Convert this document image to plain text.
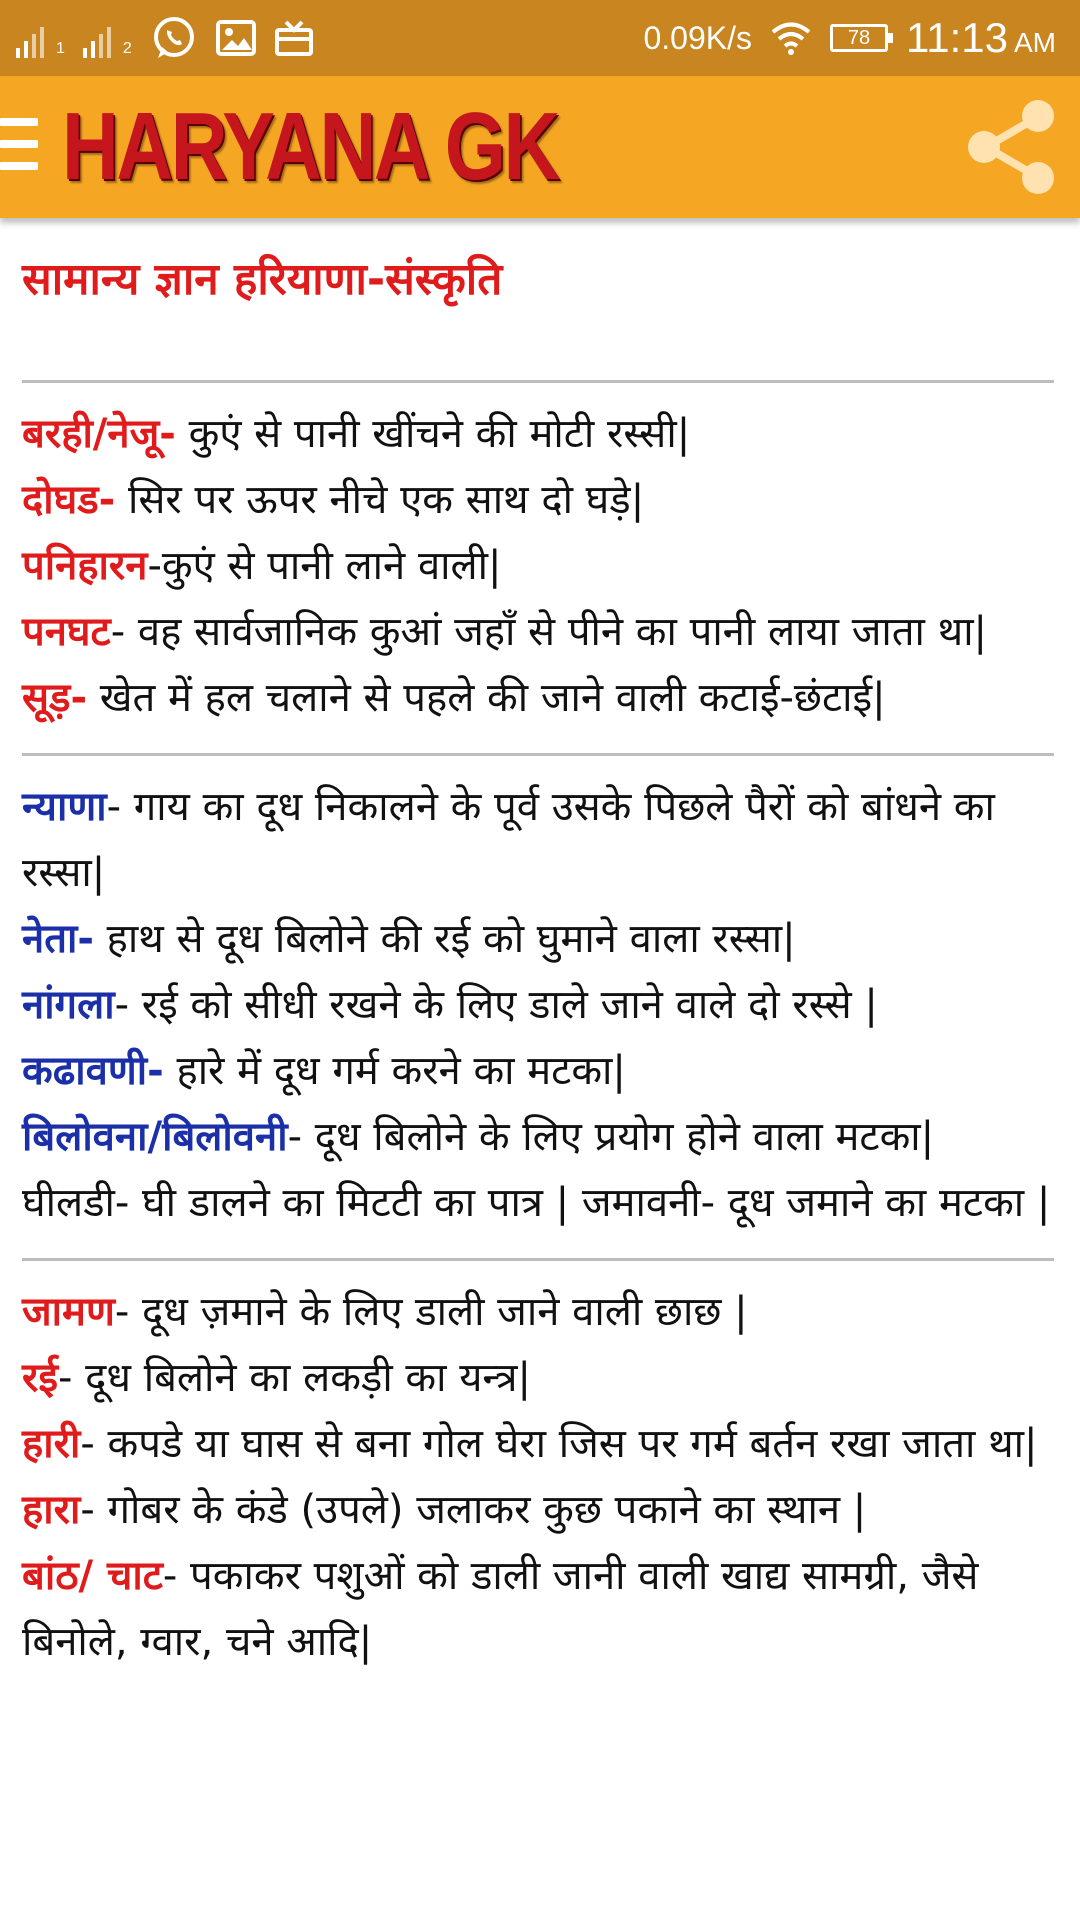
1	2	0.09K/s	78 11:13 AM
HARYANA GK
सामान्य ज्ञान हरियाणा-संस्कृति

बरही/नेजू- कुएं से पानी खींचने की मोटी रस्सी|

दोघड- सिर पर ऊपर नीचे एक साथ दो घड़े|

पनिहारन-कुएं से पानी लाने वाली|

पनघट- वह सार्वजानिक कुआं जहाँ से पीने का पानी लाया जाता था|

सूड़- खेत में हल चलाने से पहले की जाने वाली कटाई-छंटाई|

न्याणा- गाय का दूध निकालने के पूर्व उसके पिछले पैरों को बांधने का रस्सा|

नेता- हाथ से दूध बिलोने की रई को घुमाने वाला रस्सा|

नांगला- रई को सीधी रखने के लिए डाले जाने वाले दो रस्से |

कढावणी- हारे में दूध गर्म करने का मटका|

बिलोवना/बिलोवनी- दूध बिलोने के लिए प्रयोग होने वाला मटका| घीलडी- घी डालने का मिटटी का पात्र | जमावनी- दूध जमाने का मटका |

जामण- दूध ज़माने के लिए डाली जाने वाली छाछ |

रई- दूध बिलोने का लकड़ी का यन्त्र|

हारी- कपडे या घास से बना गोल घेरा जिस पर गर्म बर्तन रखा जाता था|

हारा- गोबर के कंडे (उपले) जलाकर कुछ पकाने का स्थान |

बांठ/ चाट- पकाकर पशुओं को डाली जानी वाली खाद्य सामग्री, जैसे बिनोले, ग्वार, चने आदि|
